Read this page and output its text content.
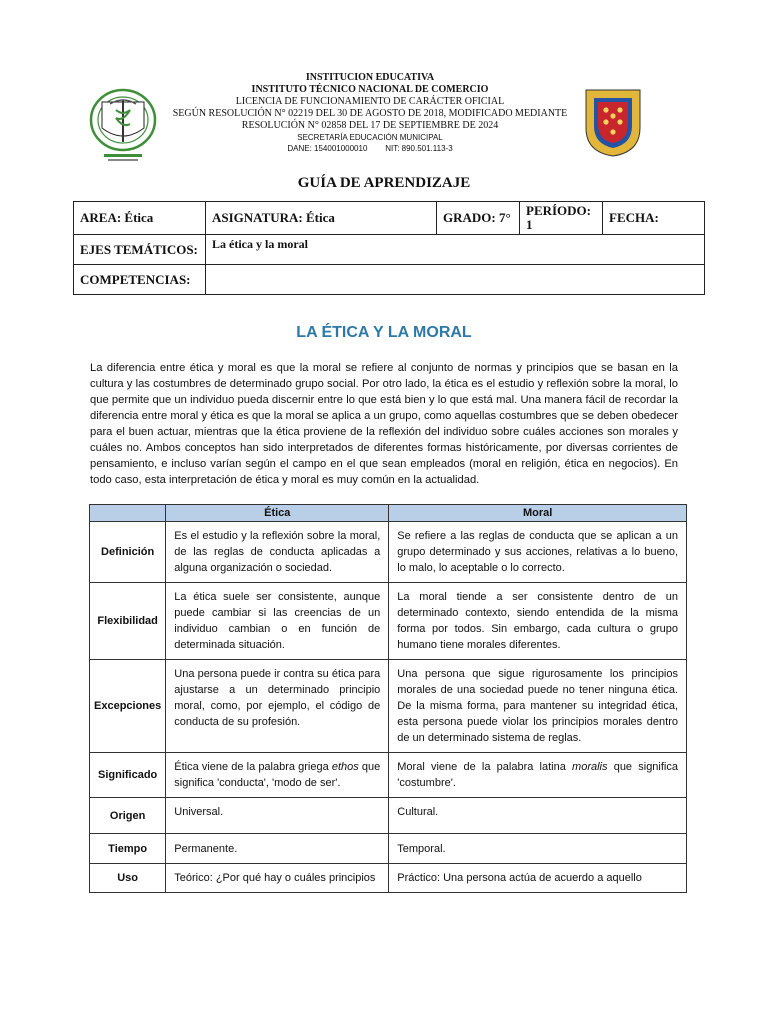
INSTITUCIÓN EDUCATIVA
INSTITUTO TÉCNICO NACIONAL DE COMERCIO
LICENCIA DE FUNCIONAMIENTO DE CARÁCTER OFICIAL
SEGÚN RESOLUCIÓN N° 02219 DEL 30 DE AGOSTO DE 2018, MODIFICADO MEDIANTE
RESOLUCIÓN N° 02858 DEL 17 DE SEPTIEMBRE DE 2024
SECRETARÍA EDUCACIÓN MUNICIPAL
DANE: 154001000010        NIT: 890.501.113-3
GUÍA DE APRENDIZAJE
AREA: Ética	ASIGNATURA: Ética	GRADO: 7°	PERÍODO: 1	FECHA:
EJES TEMÁTICOS:	La ética y la moral			
COMPETENCIAS:				
LA ÉTICA Y LA MORAL

La diferencia entre ética y moral es que la moral se refiere al conjunto de normas y principios que se basan en la cultura y las costumbres de determinado grupo social. Por otro lado, la ética es el estudio y reflexión sobre la moral, lo que permite que un individuo pueda discernir entre lo que está bien y lo que está mal. Una manera fácil de recordar la diferencia entre moral y ética es que la moral se aplica a un grupo, como aquellas costumbres que se deben obedecer para el buen actuar, mientras que la ética proviene de la reflexión del individuo sobre cuáles acciones son morales y cuáles no. Ambos conceptos han sido interpretados de diferentes formas históricamente, por diversas corrientes de pensamiento, e incluso varían según el campo en el que sean empleados (moral en religión, ética en negocios). En todo caso, esta interpretación de ética y moral es muy común en la actualidad.

	Ética	Moral
Definición	Es el estudio y la reflexión sobre la moral, de las reglas de conducta aplicadas a alguna organización o sociedad.	Se refiere a las reglas de conducta que se aplican a un grupo determinado y sus acciones, relativas a lo bueno, lo malo, lo aceptable o lo correcto.
Flexibilidad	La ética suele ser consistente, aunque puede cambiar si las creencias de un individuo cambian o en función de determinada situación.	La moral tiende a ser consistente dentro de un determinado contexto, siendo entendida de la misma forma por todos. Sin embargo, cada cultura o grupo humano tiene morales diferentes.
Excepciones	Una persona puede ir contra su ética para ajustarse a un determinado principio moral, como, por ejemplo, el código de conducta de su profesión.	Una persona que sigue rigurosamente los principios morales de una sociedad puede no tener ninguna ética. De la misma forma, para mantener su integridad ética, esta persona puede violar los principios morales dentro de un determinado sistema de reglas.
Significado	Ética viene de la palabra griega ethos que significa 'conducta', 'modo de ser'.	Moral viene de la palabra latina moralis que significa 'costumbre'.
Origen	Universal.	Cultural.
Tiempo	Permanente.	Temporal.
Uso	Teórico: ¿Por qué hay o cuáles principios	Práctico: Una persona actúa de acuerdo a aquello
